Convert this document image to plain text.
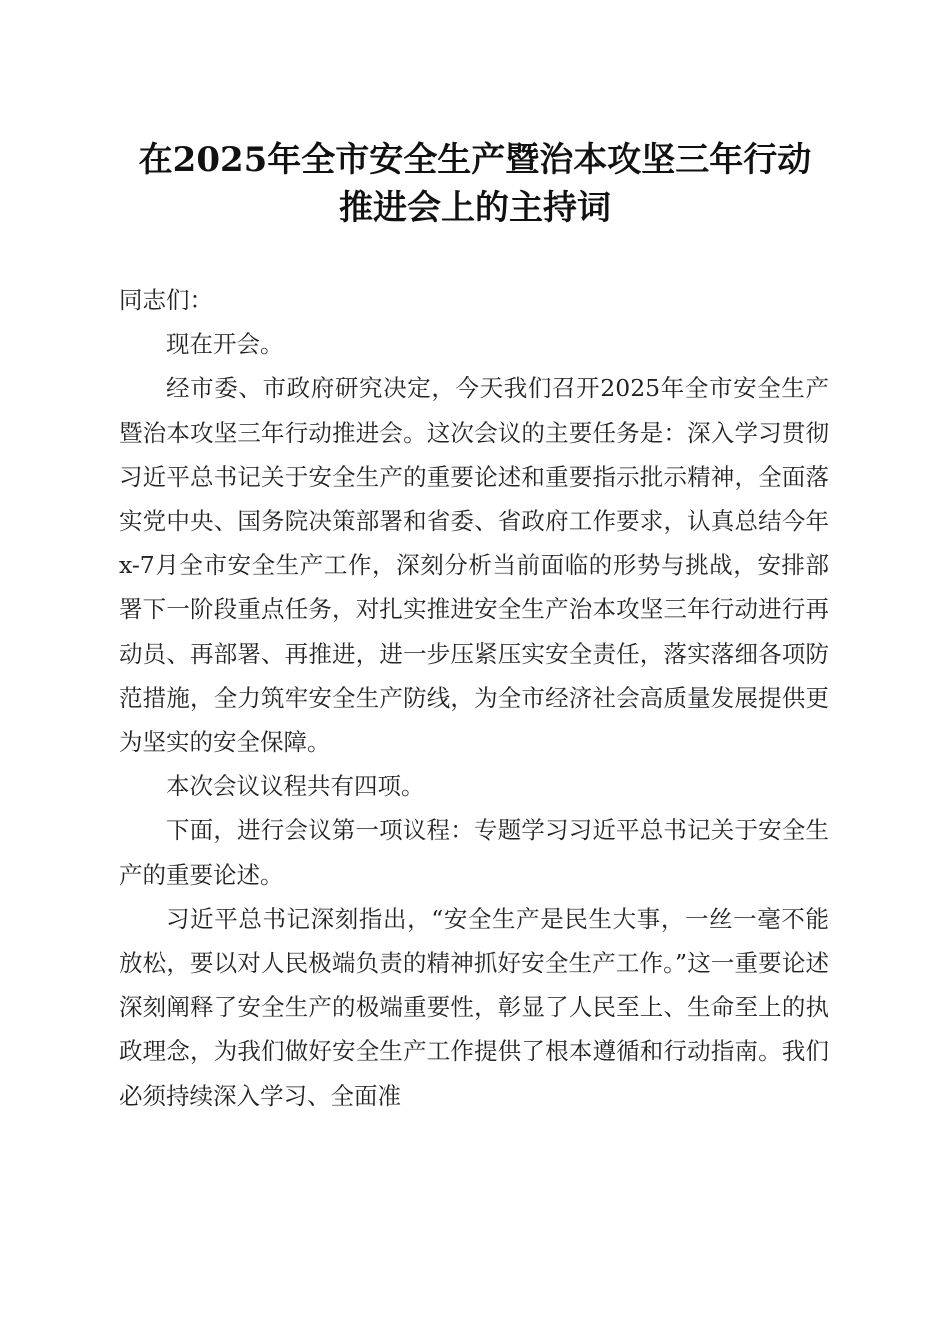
在2025年全市安全生产暨治本攻坚三年行动
推进会上的主持词

同志们：

现在开会。

经市委、市政府研究决定，今天我们召开2025年全市安全生产暨治本攻坚三年行动推进会。这次会议的主要任务是：深入学习贯彻习近平总书记关于安全生产的重要论述和重要指示批示精神，全面落实党中央、国务院决策部署和省委、省政府工作要求，认真总结今年x-7月全市安全生产工作，深刻分析当前面临的形势与挑战，安排部署下一阶段重点任务，对扎实推进安全生产治本攻坚三年行动进行再动员、再部署、再推进，进一步压紧压实安全责任，落实落细各项防范措施，全力筑牢安全生产防线，为全市经济社会高质量发展提供更为坚实的安全保障。

本次会议议程共有四项。

下面，进行会议第一项议程：专题学习习近平总书记关于安全生产的重要论述。

习近平总书记深刻指出，“安全生产是民生大事，一丝一毫不能放松，要以对人民极端负责的精神抓好安全生产工作。”这一重要论述深刻阐释了安全生产的极端重要性，彰显了人民至上、生命至上的执政理念，为我们做好安全生产工作提供了根本遵循和行动指南。我们必须持续深入学习、全面准
